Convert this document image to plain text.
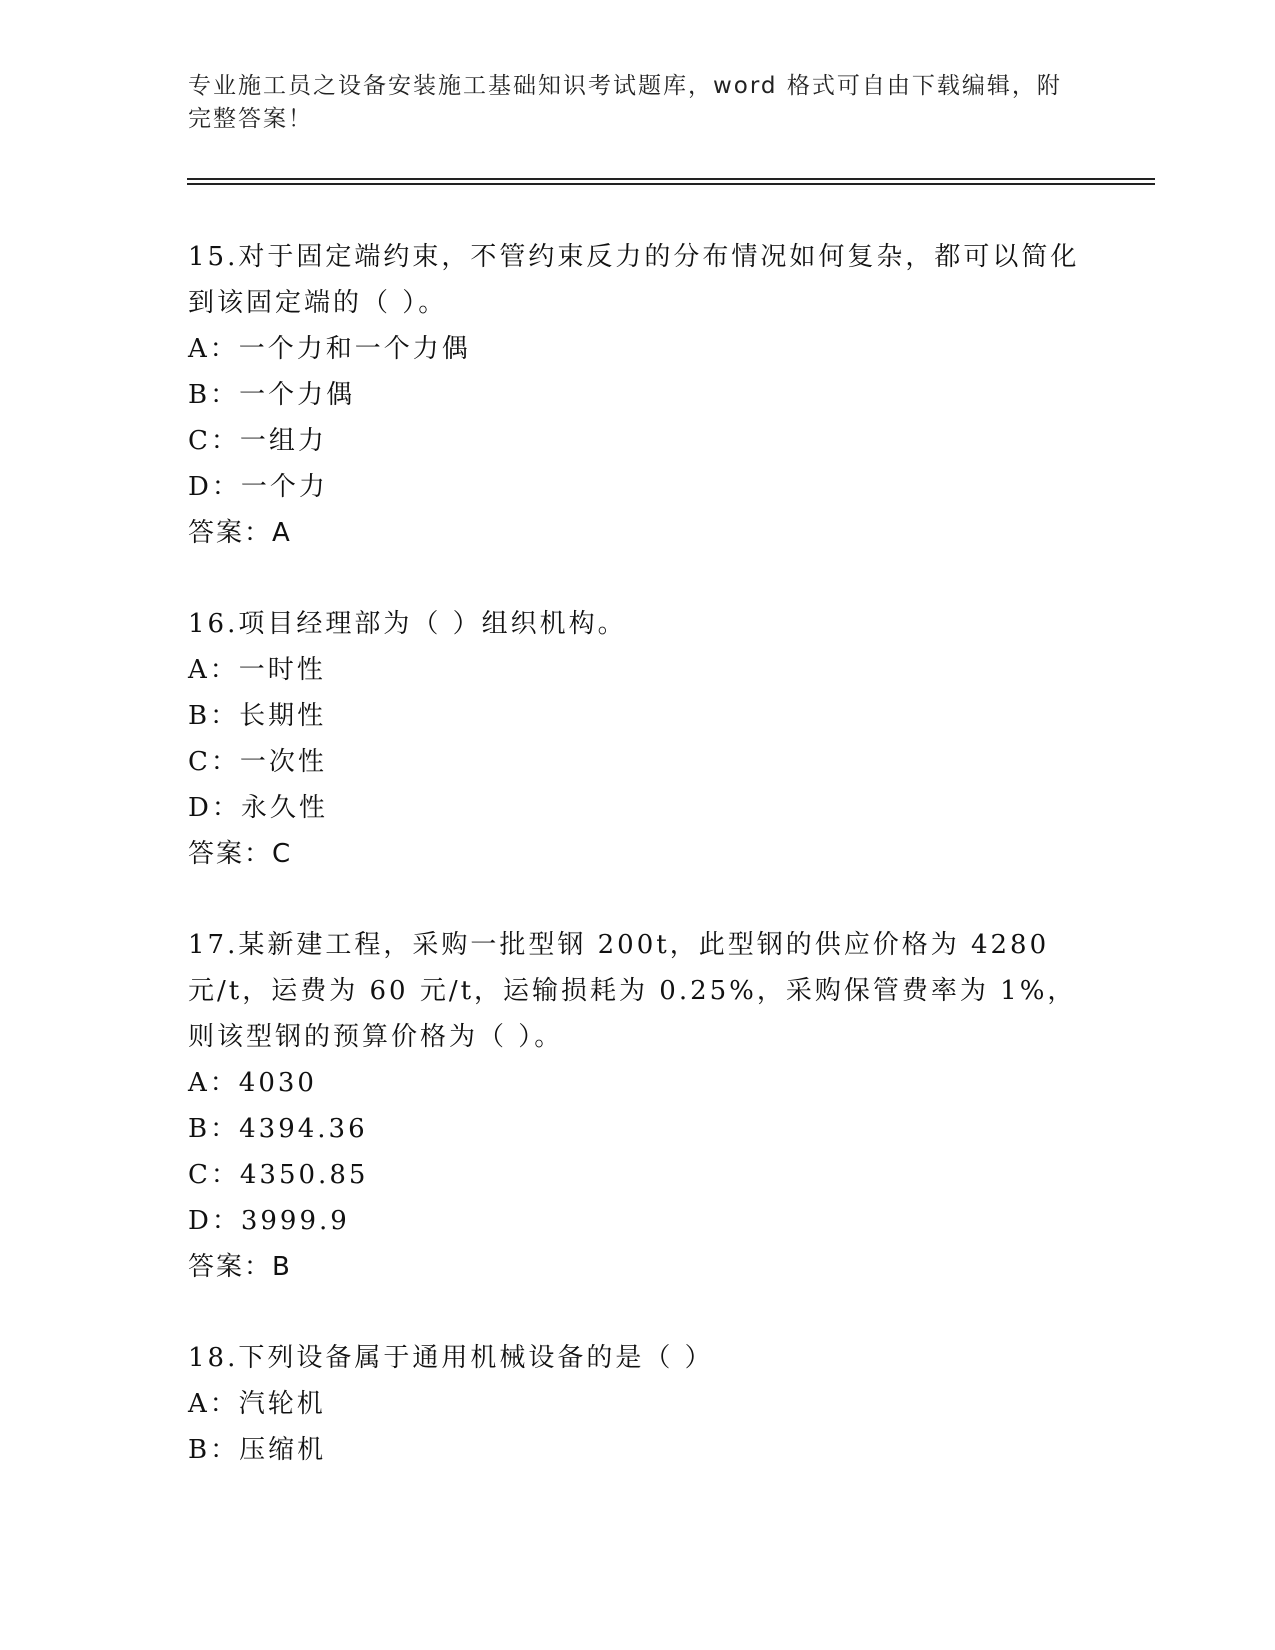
专业施工员之设备安装施工基础知识考试题库，word 格式可自由下载编辑，附完整答案！

15.对于固定端约束，不管约束反力的分布情况如何复杂，都可以简化到该固定端的（ ）。

A：一个力和一个力偶

B：一个力偶

C：一组力

D：一个力

答案：A

16.项目经理部为（ ）组织机构。

A：一时性

B：长期性

C：一次性

D：永久性

答案：C

17.某新建工程，采购一批型钢 200t，此型钢的供应价格为 4280 元/t，运费为 60 元/t，运输损耗为 0.25%，采购保管费率为 1%，则该型钢的预算价格为（ ）。

A：4030

B：4394.36

C：4350.85

D：3999.9

答案：B

18.下列设备属于通用机械设备的是（ ）

A：汽轮机

B：压缩机
